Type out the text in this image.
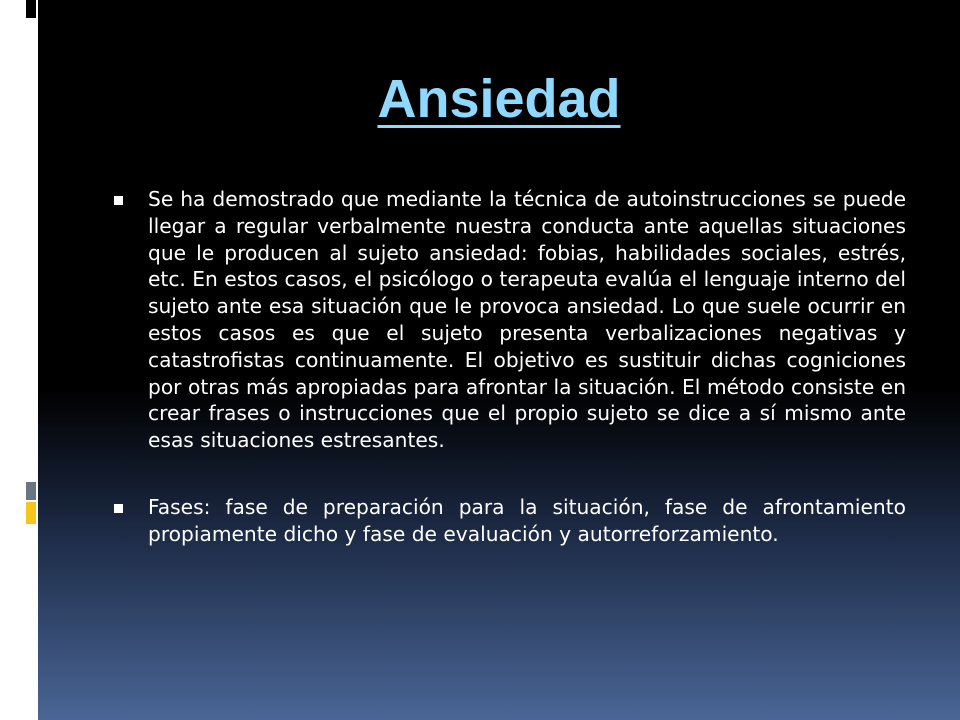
Ansiedad

Se ha demostrado que mediante la técnica de autoinstrucciones se puede llegar a regular verbalmente nuestra conducta ante aquellas situaciones que le producen al sujeto ansiedad: fobias, habilidades sociales, estrés, etc. En estos casos, el psicólogo o terapeuta evalúa el lenguaje interno del sujeto ante esa situación que le provoca ansiedad. Lo que suele ocurrir en estos casos es que el sujeto presenta verbalizaciones negativas y catastrofistas continuamente. El objetivo es sustituir dichas cogniciones por otras más apropiadas para afrontar la situación. El método consiste en crear frases o instrucciones que el propio sujeto se dice a sí mismo ante esas situaciones estresantes.

Fases: fase de preparación para la situación, fase de afrontamiento propiamente dicho y fase de evaluación y autorreforzamiento.
